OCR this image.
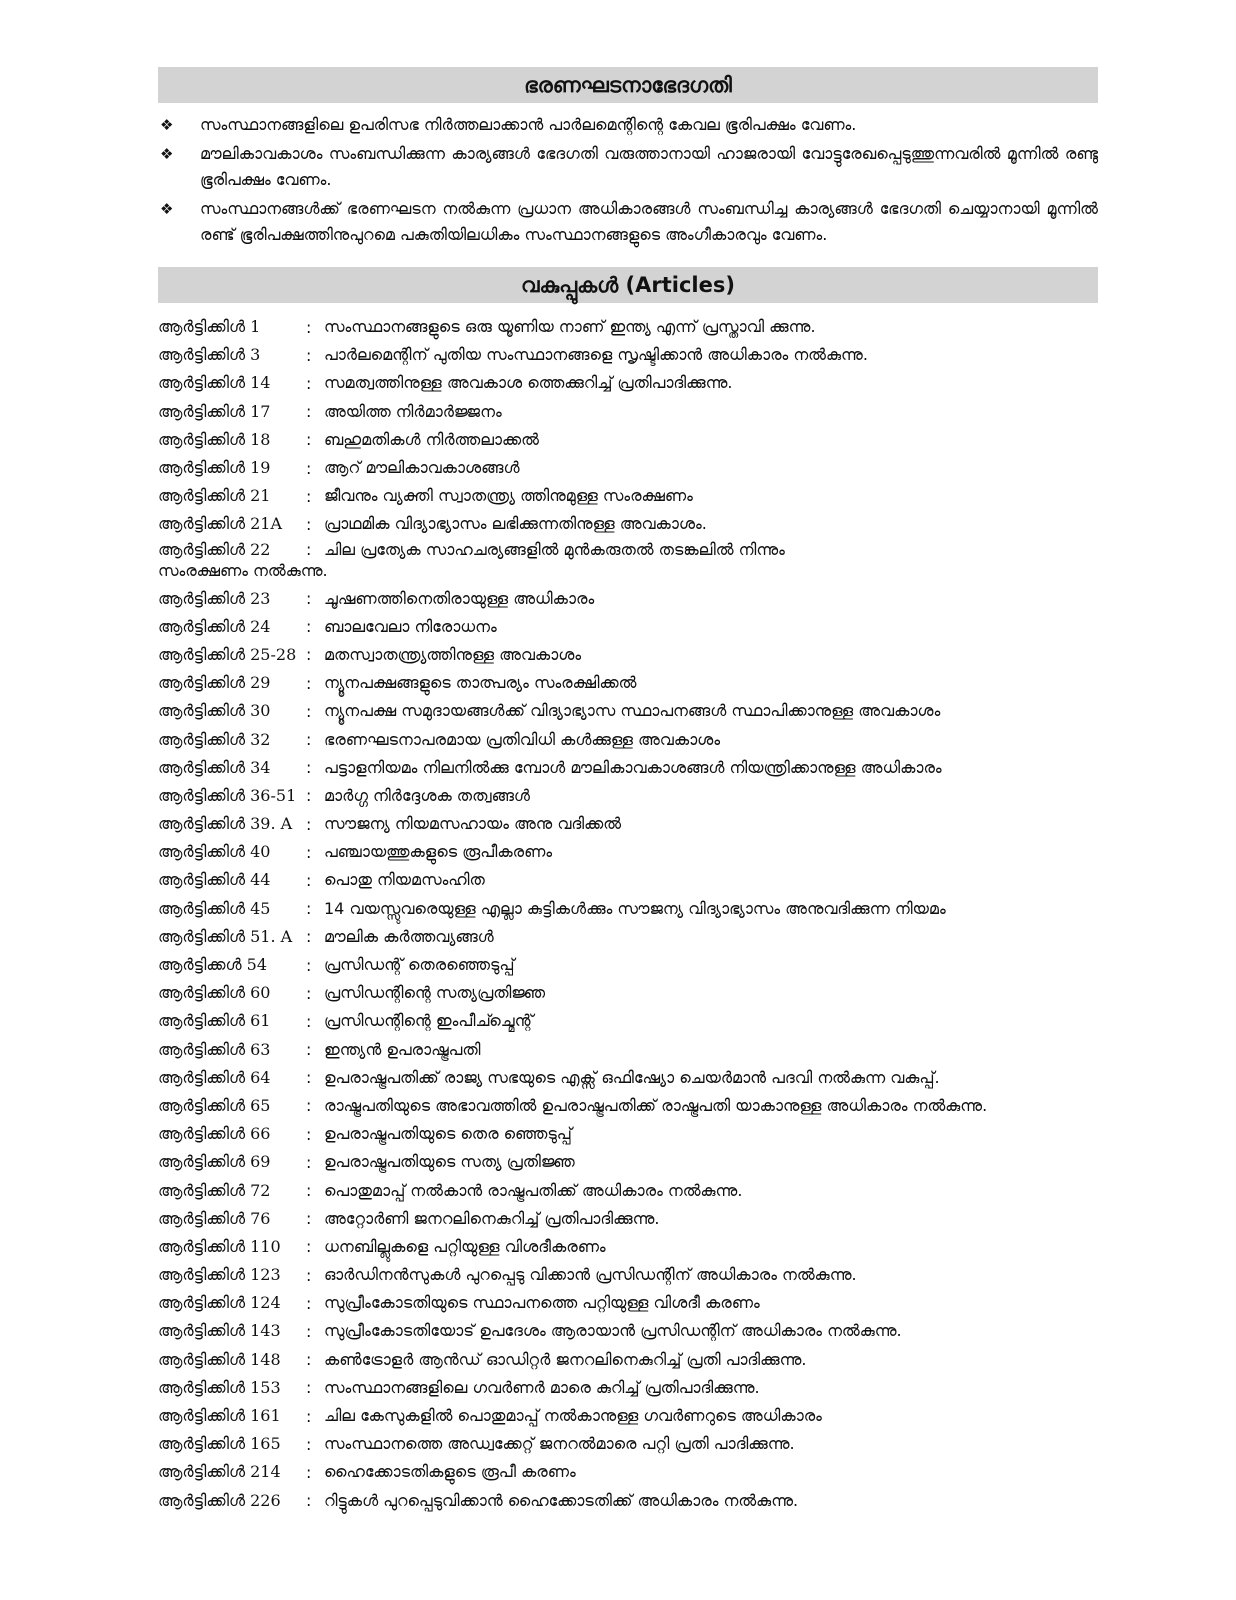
ഭരണഘടനാഭേദഗതി
❖ സംസ്ഥാനങ്ങളിലെ ഉപരിസഭ നിർത്തലാക്കാൻ പാർലമെന്റിന്റെ കേവല ഭൂരിപക്ഷം വേണം.
❖ മൗലികാവകാശം സംബന്ധിക്കുന്ന കാര്യങ്ങൾ ഭേദഗതി വരുത്താനായി ഹാജരായി വോട്ടുരേഖപ്പെടുത്തുന്നവരിൽ മൂന്നിൽ രണ്ടു ഭൂരിപക്ഷം വേണം.
❖ സംസ്ഥാനങ്ങൾക്ക് ഭരണഘടന നൽകുന്ന പ്രധാന അധികാരങ്ങൾ സംബന്ധിച്ച കാര്യങ്ങൾ ഭേദഗതി ചെയ്യാനായി മൂന്നിൽ രണ്ട് ഭൂരിപക്ഷത്തിനുപുറമെ പകുതിയിലധികം സംസ്ഥാനങ്ങളുടെ അംഗീകാരവും വേണം.
വകുപ്പുകൾ (Articles)
ആർട്ടിക്കിൾ 1	: സംസ്ഥാനങ്ങളുടെ ഒരു യൂണിയ നാണ് ഇന്ത്യ എന്ന് പ്രസ്താവി ക്കുന്നു.
ആർട്ടിക്കിൾ 3	: പാർലമെന്റിന് പുതിയ സംസ്ഥാനങ്ങളെ സൃഷ്ടിക്കാൻ അധികാരം നൽകുന്നു.
ആർട്ടിക്കിൾ 14	: സമത്വത്തിനുള്ള അവകാശ ത്തെക്കുറിച്ച് പ്രതിപാദിക്കുന്നു.
ആർട്ടിക്കിൾ 17	: അയിത്ത നിർമാർജ്ജനം
ആർട്ടിക്കിൾ 18	: ബഹുമതികൾ നിർത്തലാക്കൽ
ആർട്ടിക്കിൾ 19	: ആറ് മൗലികാവകാശങ്ങൾ
ആർട്ടിക്കിൾ 21	: ജീവനും വ്യക്തി സ്വാതന്ത്ര്യ ത്തിനുമുള്ള സംരക്ഷണം
ആർട്ടിക്കിൾ 21A	: പ്രാഥമിക വിദ്യാഭ്യാസം ലഭിക്കുന്നതിനുള്ള അവകാശം.
ആർട്ടിക്കിൾ 22	: ചില പ്രത്യേക സാഹചര്യങ്ങളിൽ മുൻകരുതൽ തടങ്കലിൽ നിന്നും
സംരക്ഷണം നൽകുന്നു.
ആർട്ടിക്കിൾ 23	: ചൂഷണത്തിനെതിരായുള്ള അധികാരം
ആർട്ടിക്കിൾ 24	: ബാലവേലാ നിരോധനം
ആർട്ടിക്കിൾ 25-28 : മതസ്വാതന്ത്ര്യത്തിനുള്ള അവകാശം
ആർട്ടിക്കിൾ 29	: ന്യൂനപക്ഷങ്ങളുടെ താത്പര്യം സംരക്ഷിക്കൽ
ആർട്ടിക്കിൾ 30	: ന്യൂനപക്ഷ സമുദായങ്ങൾക്ക് വിദ്യാഭ്യാസ സ്ഥാപനങ്ങൾ സ്ഥാപിക്കാനുള്ള അവകാശം
ആർട്ടിക്കിൾ 32	: ഭരണഘടനാപരമായ പ്രതിവിധി കൾക്കുള്ള അവകാശം
ആർട്ടിക്കിൾ 34	: പട്ടാളനിയമം നിലനിൽക്കു മ്പോൾ മൗലികാവകാശങ്ങൾ നിയന്ത്രിക്കാനുള്ള അധികാരം
ആർട്ടിക്കിൾ 36-51 : മാർഗ്ഗ നിർദ്ദേശക തത്വങ്ങൾ
ആർട്ടിക്കിൾ 39. A : സൗജന്യ നിയമസഹായം അനു വദിക്കൽ
ആർട്ടിക്കിൾ 40	: പഞ്ചായത്തുകളുടെ രൂപീകരണം
ആർട്ടിക്കിൾ 44	: പൊതു നിയമസംഹിത
ആർട്ടിക്കിൾ 45	: 14 വയസ്സുവരെയുള്ള എല്ലാ കുട്ടികൾക്കും സൗജന്യ വിദ്യാഭ്യാസം അനുവദിക്കുന്ന നിയമം
ആർട്ടിക്കിൾ 51. A : മൗലിക കർത്തവ്യങ്ങൾ
ആർട്ടിക്കൾ 54	: പ്രസിഡന്റ് തെരഞ്ഞെടുപ്പ്
ആർട്ടിക്കിൾ 60	: പ്രസിഡന്റിന്റെ സത്യപ്രതിജ്ഞ
ആർട്ടിക്കിൾ 61	: പ്രസിഡന്റിന്റെ ഇംപീച്ച്മെന്റ്
ആർട്ടിക്കിൾ 63	: ഇന്ത്യൻ ഉപരാഷ്ട്രപതി
ആർട്ടിക്കിൾ 64	: ഉപരാഷ്ട്രപതിക്ക് രാജ്യ സഭയുടെ എക്സ് ഒഫിഷ്യോ ചെയർമാൻ പദവി നൽകുന്ന വകുപ്പ്.
ആർട്ടിക്കിൾ 65	: രാഷ്ട്രപതിയുടെ അഭാവത്തിൽ ഉപരാഷ്ട്രപതിക്ക് രാഷ്ട്രപതി യാകാനുള്ള അധികാരം നൽകുന്നു.
ആർട്ടിക്കിൾ 66	: ഉപരാഷ്ട്രപതിയുടെ തെര ഞ്ഞെടുപ്പ്
ആർട്ടിക്കിൾ 69	: ഉപരാഷ്ട്രപതിയുടെ സത്യ പ്രതിജ്ഞ
ആർട്ടിക്കിൾ 72	: പൊതുമാപ്പ് നൽകാൻ രാഷ്ട്രപതിക്ക് അധികാരം നൽകുന്നു.
ആർട്ടിക്കിൾ 76	: അറ്റോർണി ജനറലിനെകുറിച്ച് പ്രതിപാദിക്കുന്നു.
ആർട്ടിക്കിൾ 110	: ധനബില്ലുകളെ പറ്റിയുള്ള വിശദീകരണം
ആർട്ടിക്കിൾ 123	: ഓർഡിനൻസുകൾ പുറപ്പെടു വിക്കാൻ പ്രസിഡന്റിന് അധികാരം നൽകുന്നു.
ആർട്ടിക്കിൾ 124	: സുപ്രീംകോടതിയുടെ സ്ഥാപനത്തെ പറ്റിയുള്ള വിശദീ കരണം
ആർട്ടിക്കിൾ 143	: സുപ്രീംകോടതിയോട് ഉപദേശം ആരായാൻ പ്രസിഡന്റിന് അധികാരം നൽകുന്നു.
ആർട്ടിക്കിൾ 148	: കൺട്രോളർ ആൻഡ് ഓഡിറ്റർ ജനറലിനെകുറിച്ച് പ്രതി പാദിക്കുന്നു.
ആർട്ടിക്കിൾ 153	: സംസ്ഥാനങ്ങളിലെ ഗവർണർ മാരെ കുറിച്ച് പ്രതിപാദിക്കുന്നു.
ആർട്ടിക്കിൾ 161	: ചില കേസുകളിൽ പൊതുമാപ്പ് നൽകാനുള്ള ഗവർണറുടെ അധികാരം
ആർട്ടിക്കിൾ 165	: സംസ്ഥാനത്തെ അഡ്വക്കേറ്റ് ജനറൽമാരെ പറ്റി പ്രതി പാദിക്കുന്നു.
ആർട്ടിക്കിൾ 214	: ഹൈക്കോടതികളുടെ രൂപീ കരണം
ആർട്ടിക്കിൾ 226	: റിട്ടുകൾ പുറപ്പെടുവിക്കാൻ ഹൈക്കോടതിക്ക് അധികാരം നൽകുന്നു.
